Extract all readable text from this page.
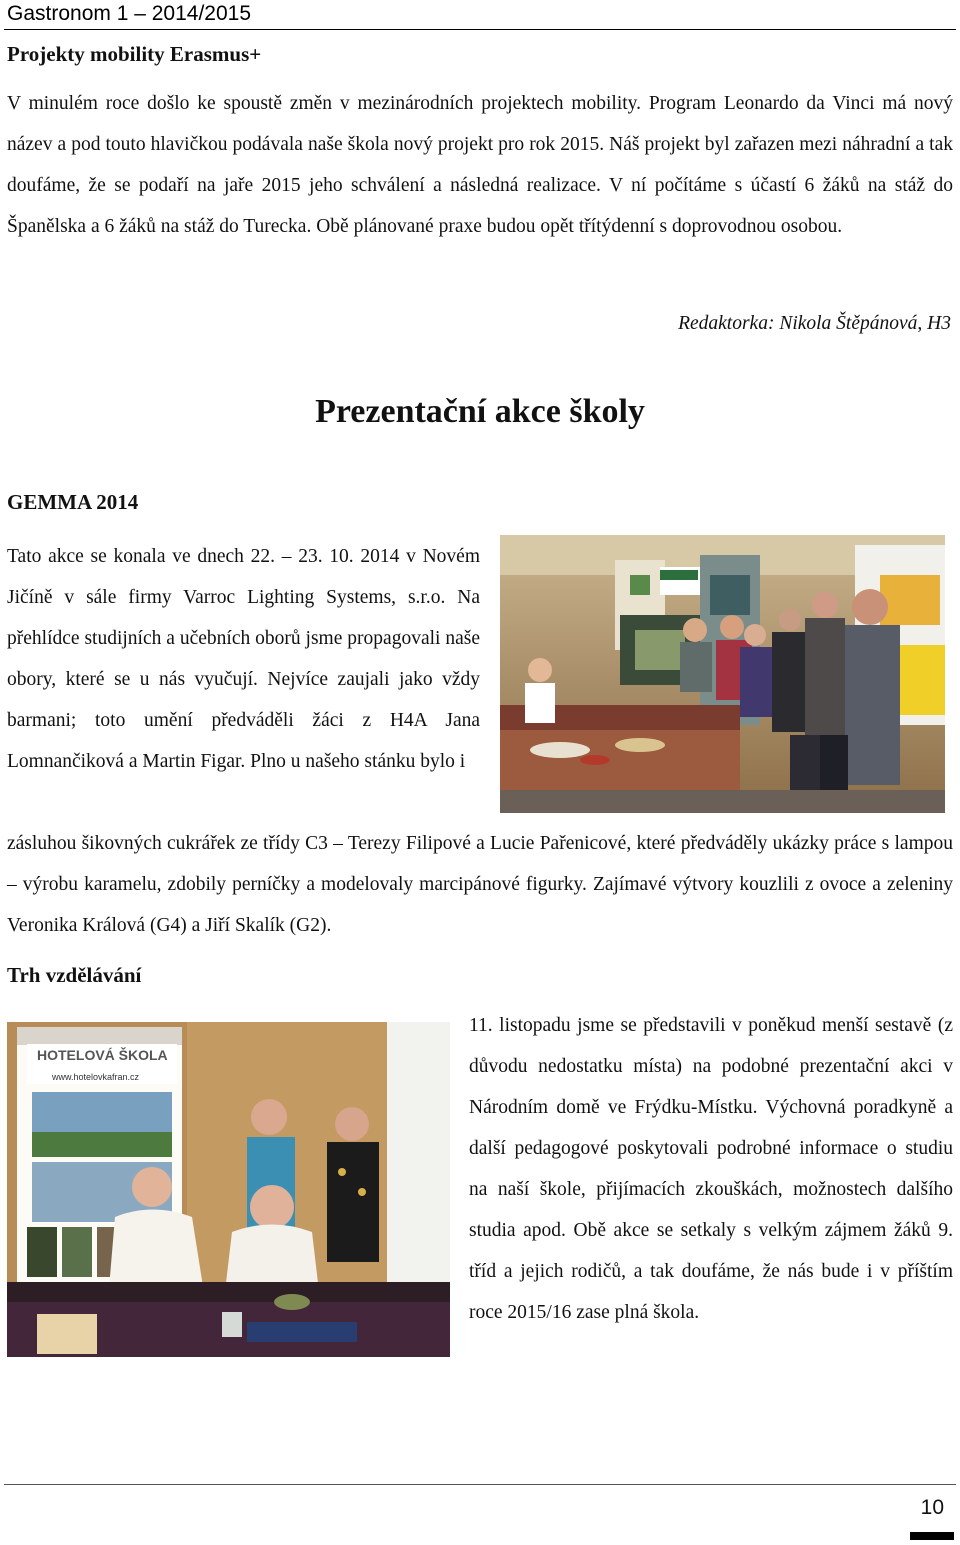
Gastronom 1 – 2014/2015
Projekty mobility Erasmus+
V minulém roce došlo ke spoustě změn v mezinárodních projektech mobility. Program Leonardo da Vinci má nový název a pod touto hlavičkou podávala naše škola nový projekt pro rok 2015. Náš projekt byl zařazen mezi náhradní a tak doufáme, že se podaří na jaře 2015 jeho schválení a následná realizace. V ní počítáme s účastí 6 žáků na stáž do Španělska a 6 žáků na stáž do Turecka. Obě plánované praxe budou opět třítýdenní s doprovodnou osobou.
Redaktorka: Nikola Štěpánová, H3
Prezentační akce školy
GEMMA 2014
Tato akce se konala ve dnech 22. – 23. 10. 2014 v Novém Jičíně v sále firmy Varroc Lighting Systems, s.r.o. Na přehlídce studijních a učebních oborů jsme propagovali naše obory, které se u nás vyučují. Nejvíce zaujali jako vždy barmani; toto umění předváděli žáci z H4A Jana Lomnančiková a Martin Figar. Plno u našeho stánku bylo i
zásluhou šikovných cukrářek ze třídy C3 – Terezy Filipové a Lucie Pařenicové, které předváděly ukázky práce s lampou – výrobu karamelu, zdobily perníčky a modelovaly marcipánové figurky. Zajímavé výtvory kouzlili z ovoce a zeleniny Veronika Králová (G4) a Jiří Skalík (G2).
Trh vzdělávání
HOTELOVÁ ŠKOLA
www.hotelovkafran.cz
11. listopadu jsme se představili v poněkud menší sestavě (z důvodu nedostatku místa) na podobné prezentační akci v Národním domě ve Frýdku-Místku. Výchovná poradkyně a další pedagogové poskytovali podrobné informace o studiu na naší škole, přijímacích zkouškách, možnostech dalšího studia apod. Obě akce se setkaly s velkým zájmem žáků 9. tříd a jejich rodičů, a tak doufáme, že nás bude i v příštím roce 2015/16 zase plná škola.
10
